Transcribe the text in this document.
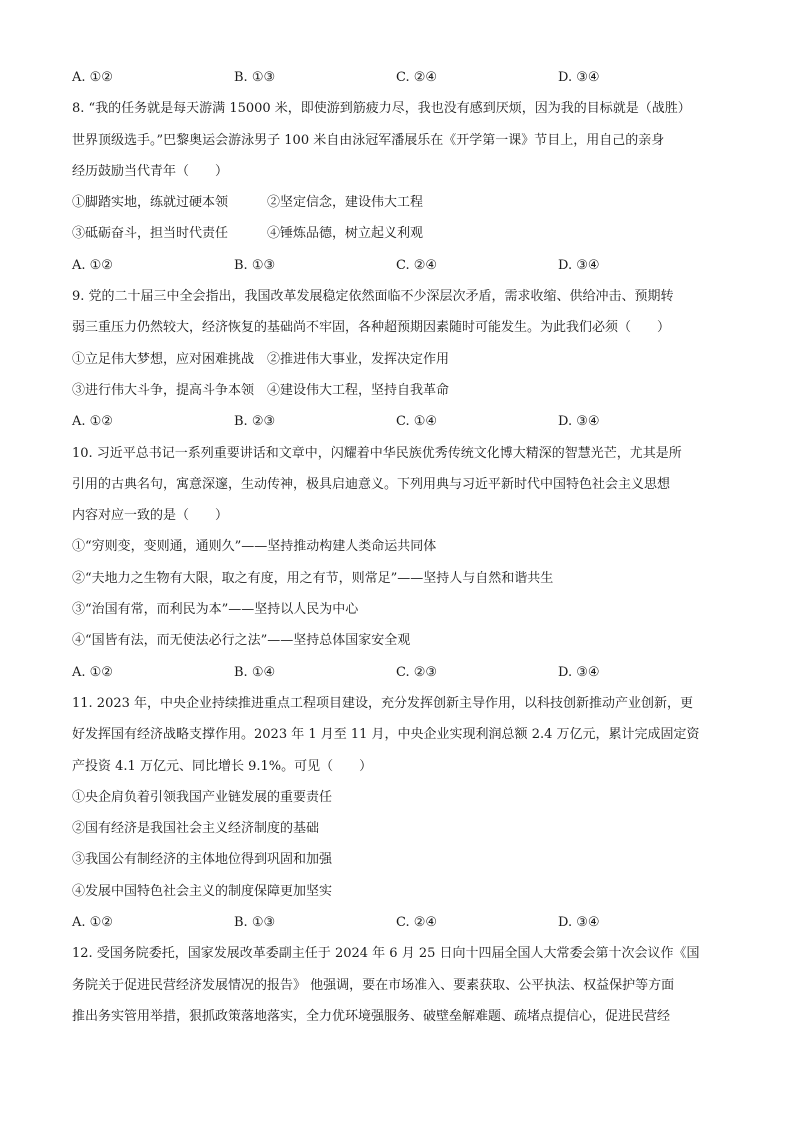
A. ①②	B. ①③	C. ②④	D. ③④
8. “我的任务就是每天游满 15000 米，即使游到筋疲力尽，我也没有感到厌烦，因为我的目标就是（战胜）
世界顶级选手。”巴黎奥运会游泳男子 100 米自由泳冠军潘展乐在《开学第一课》节目上，用自己的亲身
经历鼓励当代青年（　　）
①脚踏实地，练就过硬本领	②坚定信念，建设伟大工程
③砥砺奋斗，担当时代责任	④锤炼品德，树立起义利观
A. ①②	B. ①③	C. ②④	D. ③④
9. 党的二十届三中全会指出，我国改革发展稳定依然面临不少深层次矛盾，需求收缩、供给冲击、预期转
弱三重压力仍然较大，经济恢复的基础尚不牢固，各种超预期因素随时可能发生。为此我们必须（　　）
①立足伟大梦想，应对困难挑战 ②推进伟大事业，发挥决定作用
③进行伟大斗争，提高斗争本领 ④建设伟大工程，坚持自我革命
A. ①②	B. ②③	C. ①④	D. ③④
10. 习近平总书记一系列重要讲话和文章中，闪耀着中华民族优秀传统文化博大精深的智慧光芒，尤其是所
引用的古典名句，寓意深邃，生动传神，极具启迪意义。下列用典与习近平新时代中国特色社会主义思想
内容对应一致的是（　　）
①“穷则变，变则通，通则久”——坚持推动构建人类命运共同体
②“夫地力之生物有大限，取之有度，用之有节，则常足”——坚持人与自然和谐共生
③“治国有常，而利民为本”——坚持以人民为中心
④“国皆有法，而无使法必行之法”——坚持总体国家安全观
A. ①②	B. ①④	C. ②③	D. ③④
11. 2023 年，中央企业持续推进重点工程项目建设，充分发挥创新主导作用，以科技创新推动产业创新，更
好发挥国有经济战略支撑作用。2023 年 1 月至 11 月，中央企业实现利润总额 2.4 万亿元，累计完成固定资
产投资 4.1 万亿元、同比增长 9.1%。可见（　　）
①央企肩负着引领我国产业链发展的重要责任
②国有经济是我国社会主义经济制度的基础
③我国公有制经济的主体地位得到巩固和加强
④发展中国特色社会主义的制度保障更加坚实
A. ①②	B. ①③	C. ②④	D. ③④
12. 受国务院委托，国家发展改革委副主任于 2024 年 6 月 25 日向十四届全国人大常委会第十次会议作《国
务院关于促进民营经济发展情况的报告》 他强调，要在市场准入、要素获取、公平执法、权益保护等方面
推出务实管用举措，狠抓政策落地落实，全力优环境强服务、破壁垒解难题、疏堵点提信心，促进民营经
